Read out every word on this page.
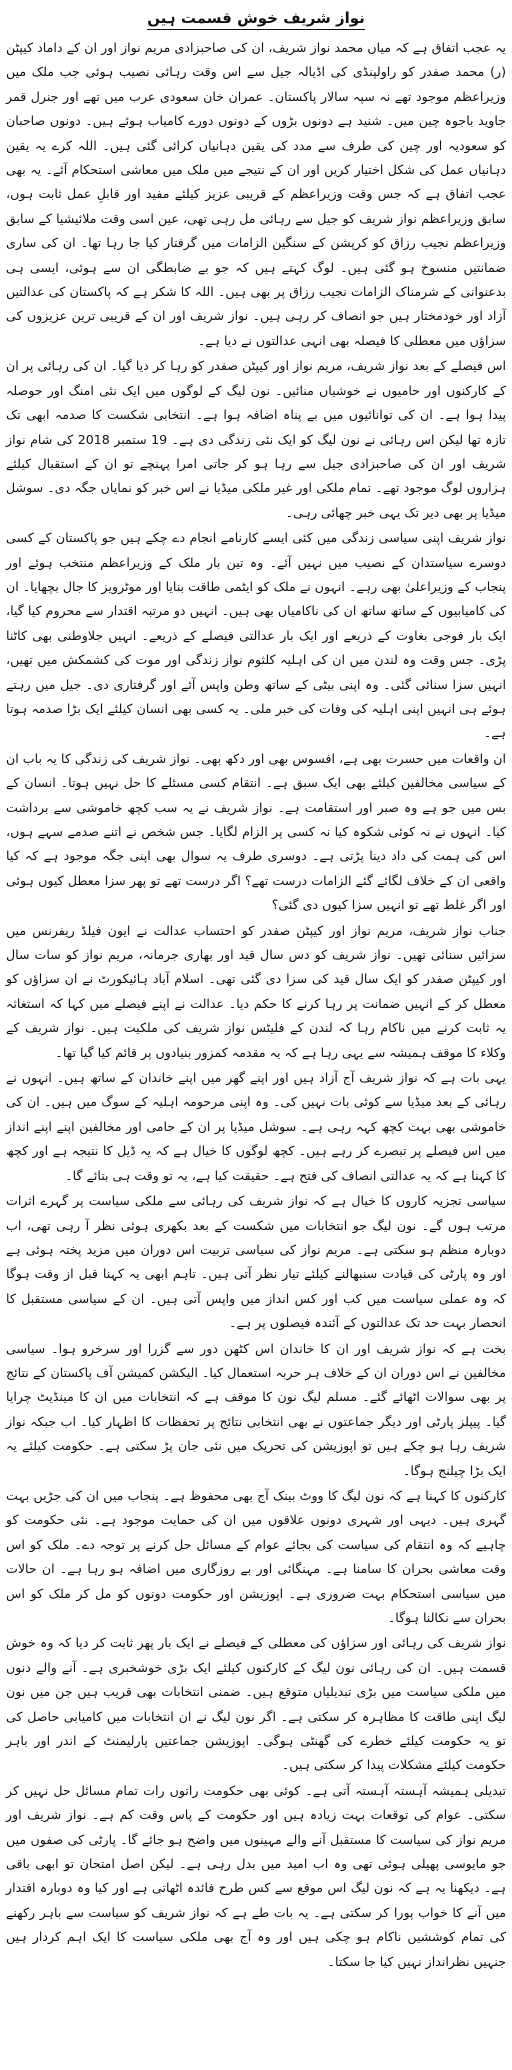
نواز شریف خوش قسمت ہیں

یہ عجب اتفاق ہے کہ میاں محمد نواز شریف، ان کی صاحبزادی مریم نواز اور ان کے داماد کیپٹن (ر) محمد صفدر کو راولپنڈی کی اڈیالہ جیل سے اس وقت رہائی نصیب ہوئی جب ملک میں وزیراعظم موجود تھے نہ سپہ سالار پاکستان۔ عمران خان سعودی عرب میں تھے اور جنرل قمر جاوید باجوہ چین میں۔ شنید ہے دونوں بڑوں کے دونوں دورے کامیاب ہوئے ہیں۔ دونوں صاحبان کو سعودیہ اور چین کی طرف سے مدد کی یقین دہانیاں کرائی گئی ہیں۔ اللہ کرے یہ یقین دہانیاں عمل کی شکل اختیار کریں اور ان کے نتیجے میں ملک میں معاشی استحکام آئے۔ یہ بھی عجب اتفاق ہے کہ جس وقت وزیراعظم کے قریبی عزیز کیلئے مفید اور قابلِ عمل ثابت ہوں، سابق وزیراعظم نواز شریف کو جیل سے رہائی مل رہی تھی، عین اسی وقت ملائیشیا کے سابق وزیراعظم نجیب رزاق کو کرپشن کے سنگین الزامات میں گرفتار کیا جا رہا تھا۔ ان کی ساری ضمانتیں منسوخ ہو گئی ہیں۔ لوگ کہتے ہیں کہ جو بے ضابطگی ان سے ہوئی، ایسی ہی بدعنوانی کے شرمناک الزامات نجیب رزاق پر بھی ہیں۔ اللہ کا شکر ہے کہ پاکستان کی عدالتیں آزاد اور خودمختار ہیں جو انصاف کر رہی ہیں۔ نواز شریف اور ان کے قریبی ترین عزیزوں کی سزاؤں میں معطلی کا فیصلہ بھی انہی عدالتوں نے دیا ہے۔

اس فیصلے کے بعد نواز شریف، مریم نواز اور کیپٹن صفدر کو رہا کر دیا گیا۔ ان کی رہائی پر ان کے کارکنوں اور حامیوں نے خوشیاں منائیں۔ نون لیگ کے لوگوں میں ایک نئی امنگ اور حوصلہ پیدا ہوا ہے۔ ان کی توانائیوں میں بے پناہ اضافہ ہوا ہے۔ انتخابی شکست کا صدمہ ابھی تک تازہ تھا لیکن اس رہائی نے نون لیگ کو ایک نئی زندگی دی ہے۔ 19 ستمبر 2018 کی شام نواز شریف اور ان کی صاحبزادی جیل سے رہا ہو کر جاتی امرا پہنچے تو ان کے استقبال کیلئے ہزاروں لوگ موجود تھے۔ تمام ملکی اور غیر ملکی میڈیا نے اس خبر کو نمایاں جگہ دی۔ سوشل میڈیا پر بھی دیر تک یہی خبر چھائی رہی۔

نواز شریف اپنی سیاسی زندگی میں کئی ایسے کارنامے انجام دے چکے ہیں جو پاکستان کے کسی دوسرے سیاستدان کے نصیب میں نہیں آئے۔ وہ تین بار ملک کے وزیراعظم منتخب ہوئے اور پنجاب کے وزیراعلیٰ بھی رہے۔ انہوں نے ملک کو ایٹمی طاقت بنایا اور موٹرویز کا جال بچھایا۔ ان کی کامیابیوں کے ساتھ ساتھ ان کی ناکامیاں بھی ہیں۔ انہیں دو مرتبہ اقتدار سے محروم کیا گیا، ایک بار فوجی بغاوت کے ذریعے اور ایک بار عدالتی فیصلے کے ذریعے۔ انہیں جلاوطنی بھی کاٹنا پڑی۔ جس وقت وہ لندن میں ان کی اہلیہ کلثوم نواز زندگی اور موت کی کشمکش میں تھیں، انہیں سزا سنائی گئی۔ وہ اپنی بیٹی کے ساتھ وطن واپس آئے اور گرفتاری دی۔ جیل میں رہتے ہوئے ہی انہیں اپنی اہلیہ کی وفات کی خبر ملی۔ یہ کسی بھی انسان کیلئے ایک بڑا صدمہ ہوتا ہے۔

ان واقعات میں حسرت بھی ہے، افسوس بھی اور دکھ بھی۔ نواز شریف کی زندگی کا یہ باب ان کے سیاسی مخالفین کیلئے بھی ایک سبق ہے۔ انتقام کسی مسئلے کا حل نہیں ہوتا۔ انسان کے بس میں جو ہے وہ صبر اور استقامت ہے۔ نواز شریف نے یہ سب کچھ خاموشی سے برداشت کیا۔ انہوں نے نہ کوئی شکوہ کیا نہ کسی پر الزام لگایا۔ جس شخص نے اتنے صدمے سہے ہوں، اس کی ہمت کی داد دینا پڑتی ہے۔ دوسری طرف یہ سوال بھی اپنی جگہ موجود ہے کہ کیا واقعی ان کے خلاف لگائے گئے الزامات درست تھے؟ اگر درست تھے تو پھر سزا معطل کیوں ہوئی اور اگر غلط تھے تو انہیں سزا کیوں دی گئی؟

جناب نواز شریف، مریم نواز اور کیپٹن صفدر کو احتساب عدالت نے ایون فیلڈ ریفرنس میں سزائیں سنائی تھیں۔ نواز شریف کو دس سال قید اور بھاری جرمانہ، مریم نواز کو سات سال اور کیپٹن صفدر کو ایک سال قید کی سزا دی گئی تھی۔ اسلام آباد ہائیکورٹ نے ان سزاؤں کو معطل کر کے انہیں ضمانت پر رہا کرنے کا حکم دیا۔ عدالت نے اپنے فیصلے میں کہا کہ استغاثہ یہ ثابت کرنے میں ناکام رہا کہ لندن کے فلیٹس نواز شریف کی ملکیت ہیں۔ نواز شریف کے وکلاء کا موقف ہمیشہ سے یہی رہا ہے کہ یہ مقدمہ کمزور بنیادوں پر قائم کیا گیا تھا۔

یہی بات ہے کہ نواز شریف آج آزاد ہیں اور اپنے گھر میں اپنے خاندان کے ساتھ ہیں۔ انہوں نے رہائی کے بعد میڈیا سے کوئی بات نہیں کی۔ وہ اپنی مرحومہ اہلیہ کے سوگ میں ہیں۔ ان کی خاموشی بھی بہت کچھ کہہ رہی ہے۔ سوشل میڈیا پر ان کے حامی اور مخالفین اپنے اپنے انداز میں اس فیصلے پر تبصرے کر رہے ہیں۔ کچھ لوگوں کا خیال ہے کہ یہ ڈیل کا نتیجہ ہے اور کچھ کا کہنا ہے کہ یہ عدالتی انصاف کی فتح ہے۔ حقیقت کیا ہے، یہ تو وقت ہی بتائے گا۔

سیاسی تجزیہ کاروں کا خیال ہے کہ نواز شریف کی رہائی سے ملکی سیاست پر گہرے اثرات مرتب ہوں گے۔ نون لیگ جو انتخابات میں شکست کے بعد بکھری ہوئی نظر آ رہی تھی، اب دوبارہ منظم ہو سکتی ہے۔ مریم نواز کی سیاسی تربیت اس دوران میں مزید پختہ ہوئی ہے اور وہ پارٹی کی قیادت سنبھالنے کیلئے تیار نظر آتی ہیں۔ تاہم ابھی یہ کہنا قبل از وقت ہوگا کہ وہ عملی سیاست میں کب اور کس انداز میں واپس آتی ہیں۔ ان کے سیاسی مستقبل کا انحصار بہت حد تک عدالتوں کے آئندہ فیصلوں پر ہے۔

بخت ہے کہ نواز شریف اور ان کا خاندان اس کٹھن دور سے گزرا اور سرخرو ہوا۔ سیاسی مخالفین نے اس دوران ان کے خلاف ہر حربہ استعمال کیا۔ الیکشن کمیشن آف پاکستان کے نتائج پر بھی سوالات اٹھائے گئے۔ مسلم لیگ نون کا موقف ہے کہ انتخابات میں ان کا مینڈیٹ چرایا گیا۔ پیپلز پارٹی اور دیگر جماعتوں نے بھی انتخابی نتائج پر تحفظات کا اظہار کیا۔ اب جبکہ نواز شریف رہا ہو چکے ہیں تو اپوزیشن کی تحریک میں نئی جان پڑ سکتی ہے۔ حکومت کیلئے یہ ایک بڑا چیلنج ہوگا۔

کارکنوں کا کہنا ہے کہ نون لیگ کا ووٹ بینک آج بھی محفوظ ہے۔ پنجاب میں ان کی جڑیں بہت گہری ہیں۔ دیہی اور شہری دونوں علاقوں میں ان کی حمایت موجود ہے۔ نئی حکومت کو چاہیے کہ وہ انتقام کی سیاست کی بجائے عوام کے مسائل حل کرنے پر توجہ دے۔ ملک کو اس وقت معاشی بحران کا سامنا ہے۔ مہنگائی اور بے روزگاری میں اضافہ ہو رہا ہے۔ ان حالات میں سیاسی استحکام بہت ضروری ہے۔ اپوزیشن اور حکومت دونوں کو مل کر ملک کو اس بحران سے نکالنا ہوگا۔

نواز شریف کی رہائی اور سزاؤں کی معطلی کے فیصلے نے ایک بار پھر ثابت کر دیا کہ وہ خوش قسمت ہیں۔ ان کی رہائی نون لیگ کے کارکنوں کیلئے ایک بڑی خوشخبری ہے۔ آنے والے دنوں میں ملکی سیاست میں بڑی تبدیلیاں متوقع ہیں۔ ضمنی انتخابات بھی قریب ہیں جن میں نون لیگ اپنی طاقت کا مظاہرہ کر سکتی ہے۔ اگر نون لیگ نے ان انتخابات میں کامیابی حاصل کی تو یہ حکومت کیلئے خطرے کی گھنٹی ہوگی۔ اپوزیشن جماعتیں پارلیمنٹ کے اندر اور باہر حکومت کیلئے مشکلات پیدا کر سکتی ہیں۔

تبدیلی ہمیشہ آہستہ آہستہ آتی ہے۔ کوئی بھی حکومت راتوں رات تمام مسائل حل نہیں کر سکتی۔ عوام کی توقعات بہت زیادہ ہیں اور حکومت کے پاس وقت کم ہے۔ نواز شریف اور مریم نواز کی سیاست کا مستقبل آنے والے مہینوں میں واضح ہو جائے گا۔ پارٹی کی صفوں میں جو مایوسی پھیلی ہوئی تھی وہ اب امید میں بدل رہی ہے۔ لیکن اصل امتحان تو ابھی باقی ہے۔ دیکھنا یہ ہے کہ نون لیگ اس موقع سے کس طرح فائدہ اٹھاتی ہے اور کیا وہ دوبارہ اقتدار میں آنے کا خواب پورا کر سکتی ہے۔ یہ بات طے ہے کہ نواز شریف کو سیاست سے باہر رکھنے کی تمام کوششیں ناکام ہو چکی ہیں اور وہ آج بھی ملکی سیاست کا ایک اہم کردار ہیں جنہیں نظرانداز نہیں کیا جا سکتا۔
